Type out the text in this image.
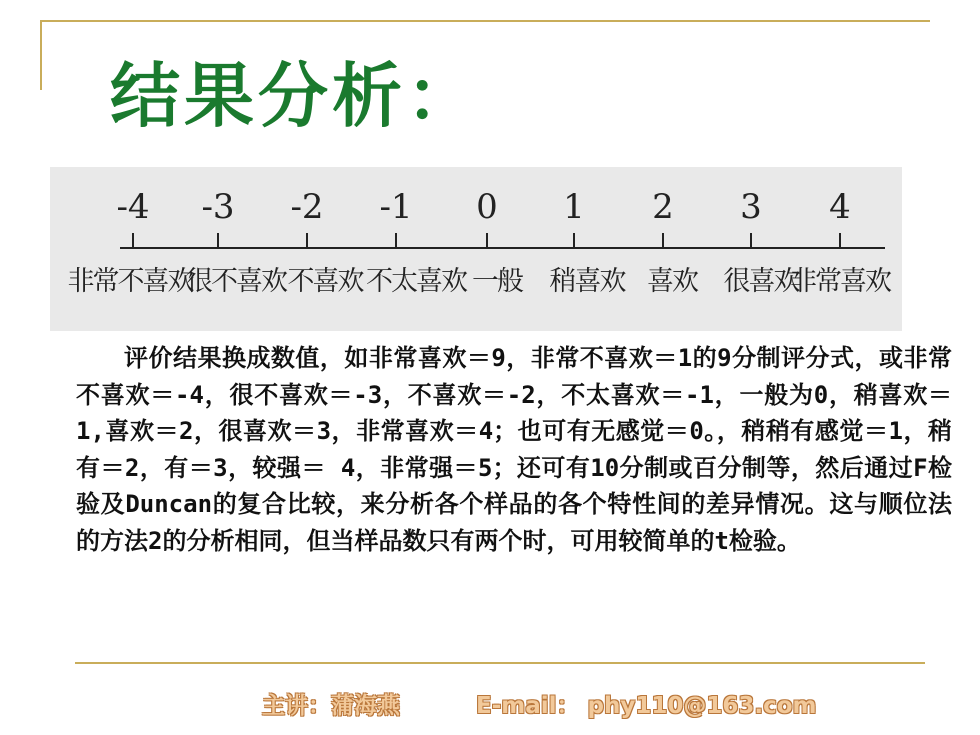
结果分析：
-4 -3 -2 -1 0 1 2 3 4
非常不喜欢
很不喜欢 不喜欢 不太喜欢 一般 稍喜欢 喜欢 很喜欢
非常喜欢
评价结果换成数值，如非常喜欢＝9，非常不喜欢＝1的9分制评分式，或非常不喜欢＝-4，很不喜欢＝-3，不喜欢＝-2，不太喜欢＝-1，一般为0，稍喜欢＝1,喜欢＝2，很喜欢＝3，非常喜欢＝4；也可有无感觉＝0。，稍稍有感觉＝1，稍有＝2，有＝3，较强＝ 4，非常强＝5；还可有10分制或百分制等，然后通过F检验及Duncan的复合比较，来分析各个样品的各个特性间的差异情况。这与顺位法的方法2的分析相同，但当样品数只有两个时，可用较简单的t检验。
主讲：蒲海燕	E-mail： phy110@163.com
